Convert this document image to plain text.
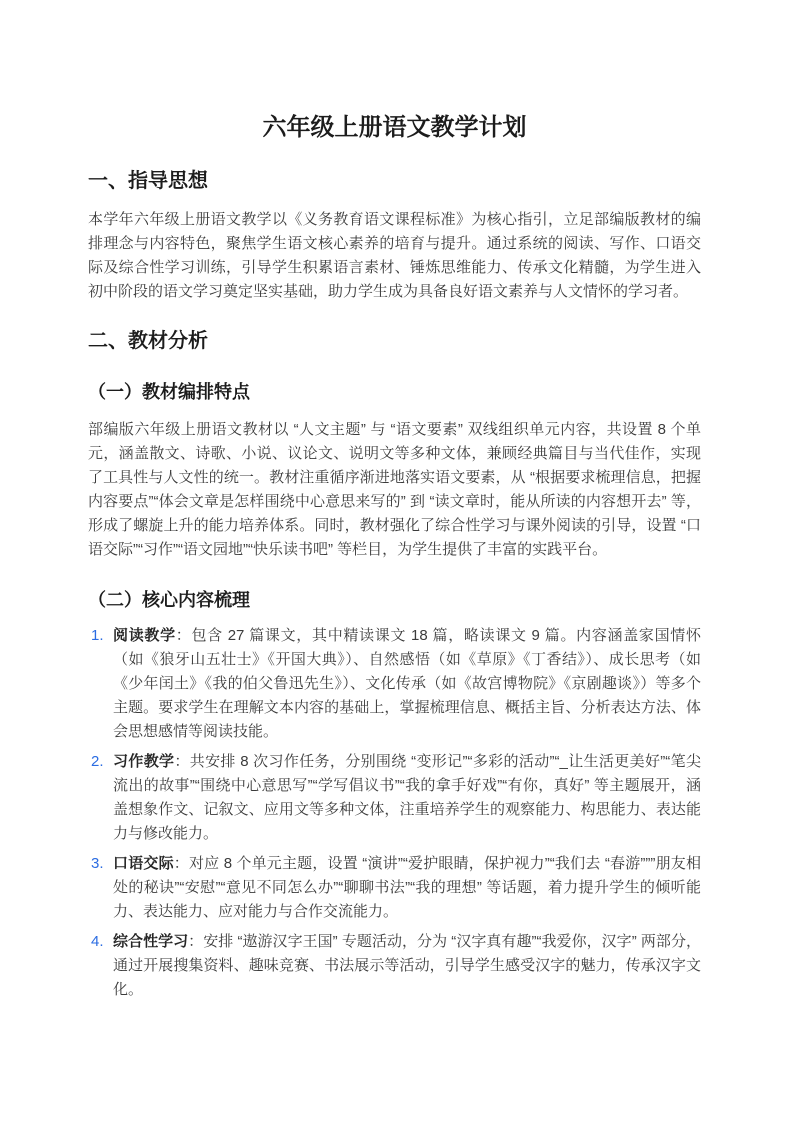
六年级上册语文教学计划
一、指导思想

本学年六年级上册语文教学以《义务教育语文课程标准》为核心指引，立足部编版教材的编排理念与内容特色，聚焦学生语文核心素养的培育与提升。通过系统的阅读、写作、口语交际及综合性学习训练，引导学生积累语言素材、锤炼思维能力、传承文化精髓，为学生进入初中阶段的语文学习奠定坚实基础，助力学生成为具备良好语文素养与人文情怀的学习者。

二、教材分析
（一）教材编排特点

部编版六年级上册语文教材以 “人文主题” 与 “语文要素” 双线组织单元内容，共设置 8 个单元，涵盖散文、诗歌、小说、议论文、说明文等多种文体，兼顾经典篇目与当代佳作，实现了工具性与人文性的统一。教材注重循序渐进地落实语文要素，从 “根据要求梳理信息，把握内容要点”“体会文章是怎样围绕中心意思来写的” 到 “读文章时，能从所读的内容想开去” 等，形成了螺旋上升的能力培养体系。同时，教材强化了综合性学习与课外阅读的引导，设置 “口语交际”“习作”“语文园地”“快乐读书吧” 等栏目，为学生提供了丰富的实践平台。

（二）核心内容梳理
1. 阅读教学：包含 27 篇课文，其中精读课文 18 篇，略读课文 9 篇。内容涵盖家国情怀（如《狼牙山五壮士》《开国大典》）、自然感悟（如《草原》《丁香结》）、成长思考（如《少年闰土》《我的伯父鲁迅先生》）、文化传承（如《故宫博物院》《京剧趣谈》）等多个主题。要求学生在理解文本内容的基础上，掌握梳理信息、概括主旨、分析表达方法、体会思想感情等阅读技能。
2. 习作教学：共安排 8 次习作任务，分别围绕 “变形记”“多彩的活动”“_让生活更美好”“笔尖流出的故事”“围绕中心意思写”“学写倡议书”“我的拿手好戏”“有你，真好” 等主题展开，涵盖想象作文、记叙文、应用文等多种文体，注重培养学生的观察能力、构思能力、表达能力与修改能力。
3. 口语交际：对应 8 个单元主题，设置 “演讲”“爱护眼睛，保护视力”“我们去 “春游”””朋友相处的秘诀”“安慰”“意见不同怎么办”“聊聊书法”“我的理想” 等话题，着力提升学生的倾听能力、表达能力、应对能力与合作交流能力。
4. 综合性学习：安排 “遨游汉字王国” 专题活动，分为 “汉字真有趣”“我爱你，汉字” 两部分，通过开展搜集资料、趣味竞赛、书法展示等活动，引导学生感受汉字的魅力，传承汉字文化。
